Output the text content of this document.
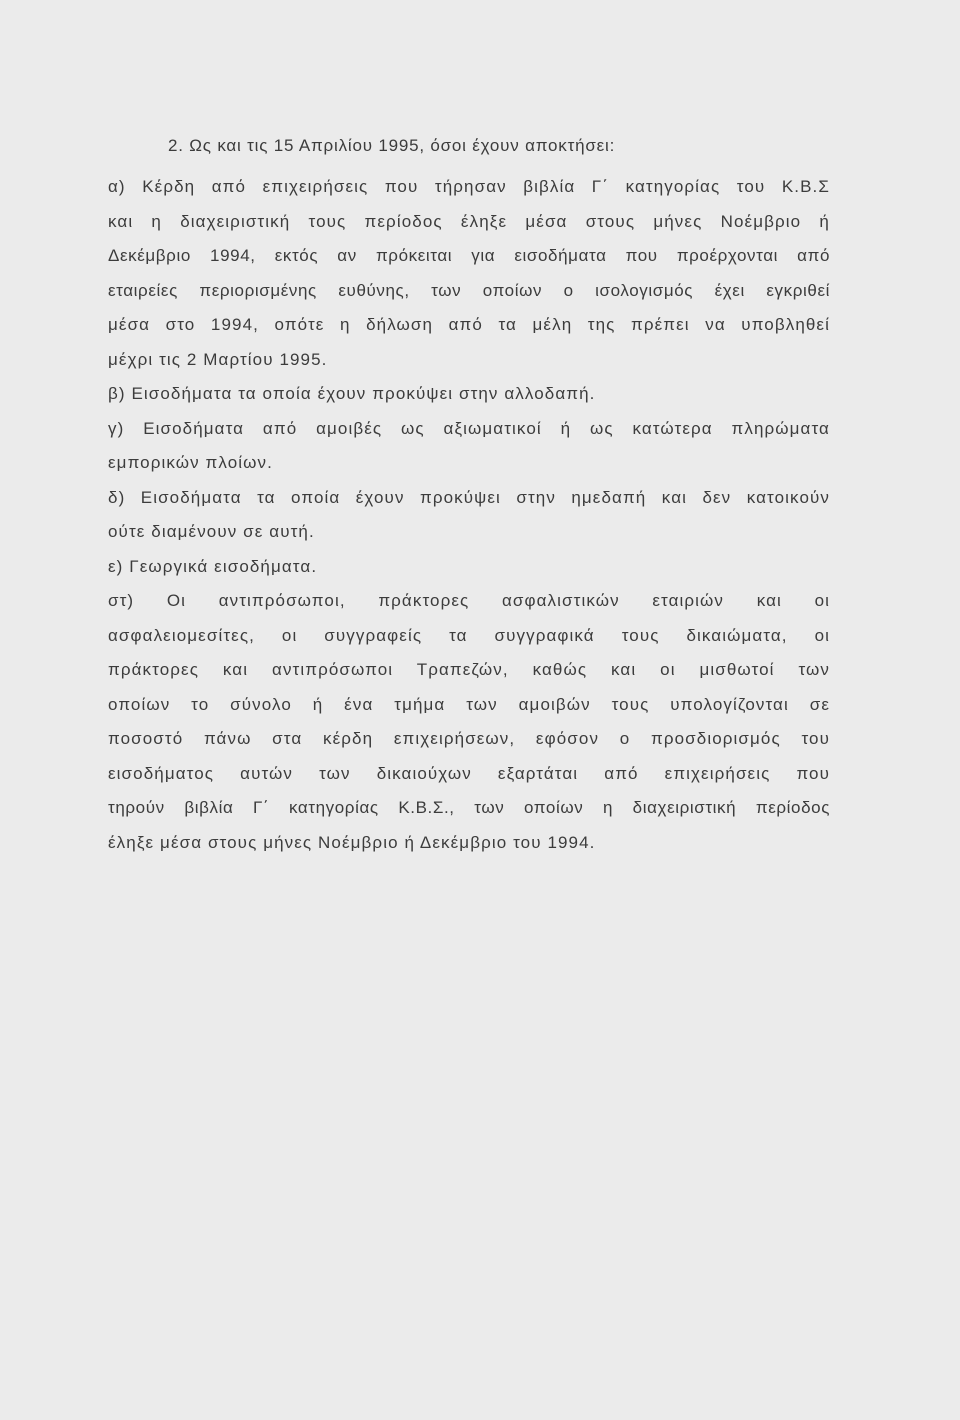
2. Ως και τις 15 Απριλίου 1995, όσοι έχουν αποκτήσει:
α) Κέρδη από επιχειρήσεις που τήρησαν βιβλία Γ΄ κατηγορίας του Κ.Β.Σ
και η διαχειριστική τους περίοδος έληξε μέσα στους μήνες Νοέμβριο ή
Δεκέμβριο 1994, εκτός αν πρόκειται για εισοδήματα που προέρχονται από
εταιρείες περιορισμένης ευθύνης, των οποίων ο ισολογισμός έχει εγκριθεί
μέσα στο 1994, οπότε η δήλωση από τα μέλη της πρέπει να υποβληθεί
μέχρι τις 2 Μαρτίου 1995.
β) Εισοδήματα τα οποία έχουν προκύψει στην αλλοδαπή.
γ) Εισοδήματα από αμοιβές ως αξιωματικοί ή ως κατώτερα πληρώματα
εμπορικών πλοίων.
δ) Εισοδήματα τα οποία έχουν προκύψει στην ημεδαπή και δεν κατοικούν
ούτε διαμένουν σε αυτή.
ε) Γεωργικά εισοδήματα.
στ) Οι αντιπρόσωποι, πράκτορες ασφαλιστικών εταιριών και οι
ασφαλειομεσίτες, οι συγγραφείς τα συγγραφικά τους δικαιώματα, οι
πράκτορες και αντιπρόσωποι Τραπεζών, καθώς και οι μισθωτοί των
οποίων το σύνολο ή ένα τμήμα των αμοιβών τους υπολογίζονται σε
ποσοστό πάνω στα κέρδη επιχειρήσεων, εφόσον ο προσδιορισμός του
εισοδήματος αυτών των δικαιούχων εξαρτάται από επιχειρήσεις που
τηρούν βιβλία Γ΄ κατηγορίας Κ.Β.Σ., των οποίων η διαχειριστική περίοδος
έληξε μέσα στους μήνες Νοέμβριο ή Δεκέμβριο του 1994.
